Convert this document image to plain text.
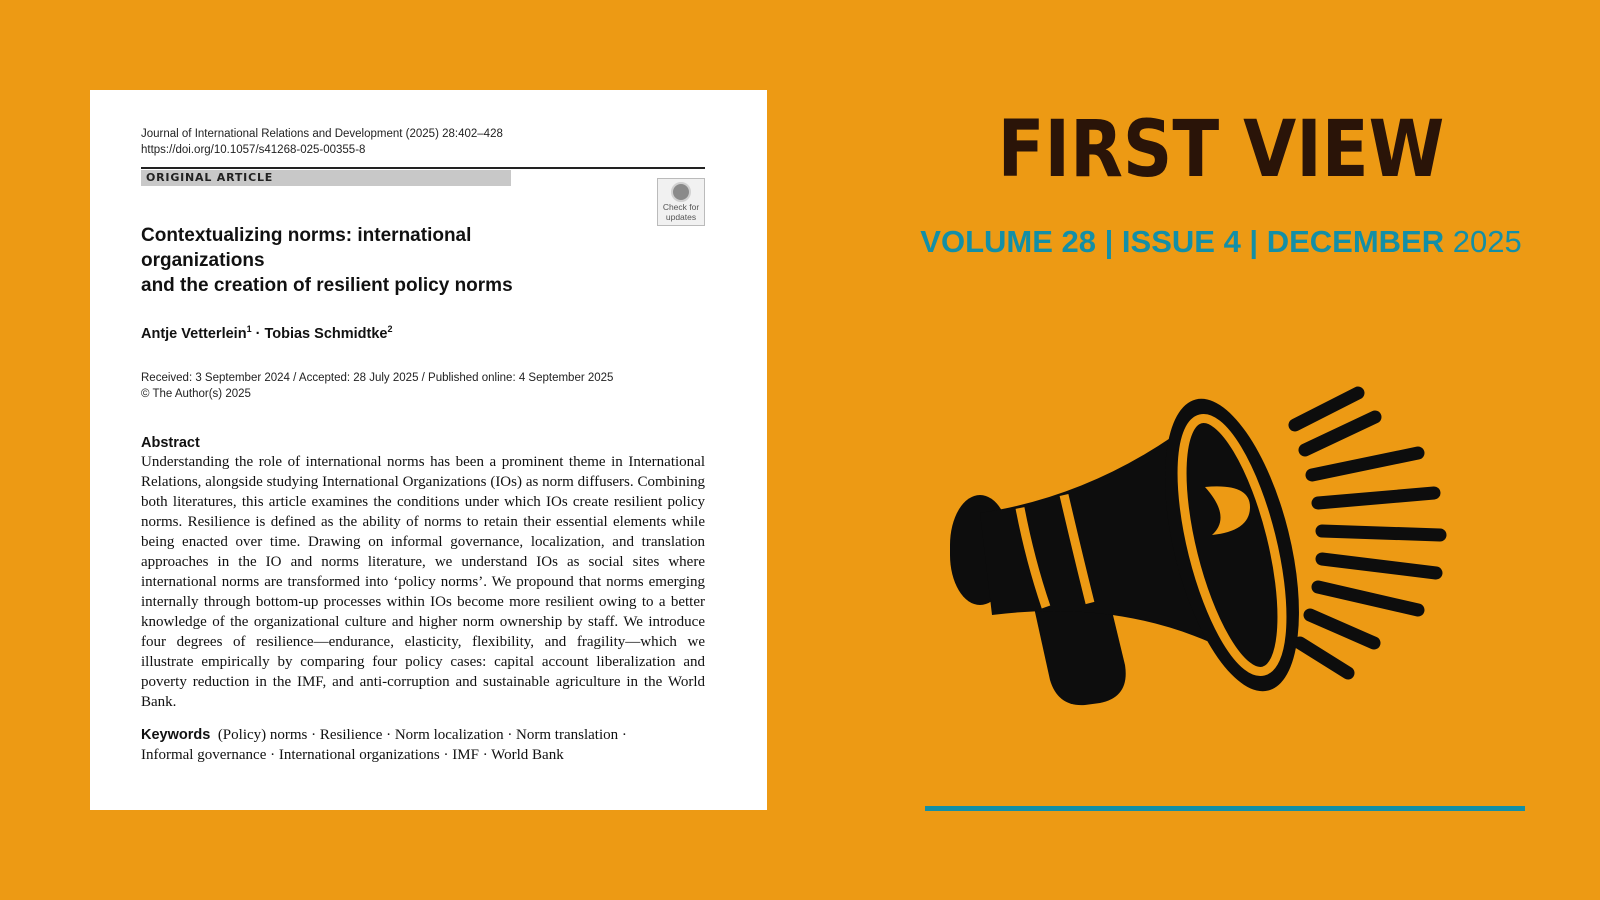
Journal of International Relations and Development (2025) 28:402–428
https://doi.org/10.1057/s41268-025-00355-8
ORIGINAL ARTICLE
Check for
updates
Contextualizing norms: international organizations
and the creation of resilient policy norms
Antje Vetterlein$^1$ · Tobias Schmidtke$^2$
Received: 3 September 2024 / Accepted: 28 July 2025 / Published online: 4 September 2025
© The Author(s) 2025
Abstract
Understanding the role of international norms has been a prominent theme in International Relations, alongside studying International Organizations (IOs) as norm diffusers. Combining both literatures, this article examines the conditions under which IOs create resilient policy norms. Resilience is defined as the ability of norms to retain their essential elements while being enacted over time. Drawing on informal governance, localization, and translation approaches in the IO and norms literature, we understand IOs as social sites where international norms are transformed into ‘policy norms’. We propound that norms emerging internally through bottom-up processes within IOs become more resilient owing to a better knowledge of the organizational culture and higher norm ownership by staff. We introduce four degrees of resilience—endurance, elasticity, flexibility, and fragility—which we illustrate empirically by comparing four policy cases: capital account liberalization and poverty reduction in the IMF, and anti-corruption and sustainable agriculture in the World Bank.
Keywords (Policy) norms · Resilience · Norm localization · Norm translation ·
Informal governance · International organizations · IMF · World Bank
FIRST VIEW
VOLUME 28 | ISSUE 4 | DECEMBER 2025
